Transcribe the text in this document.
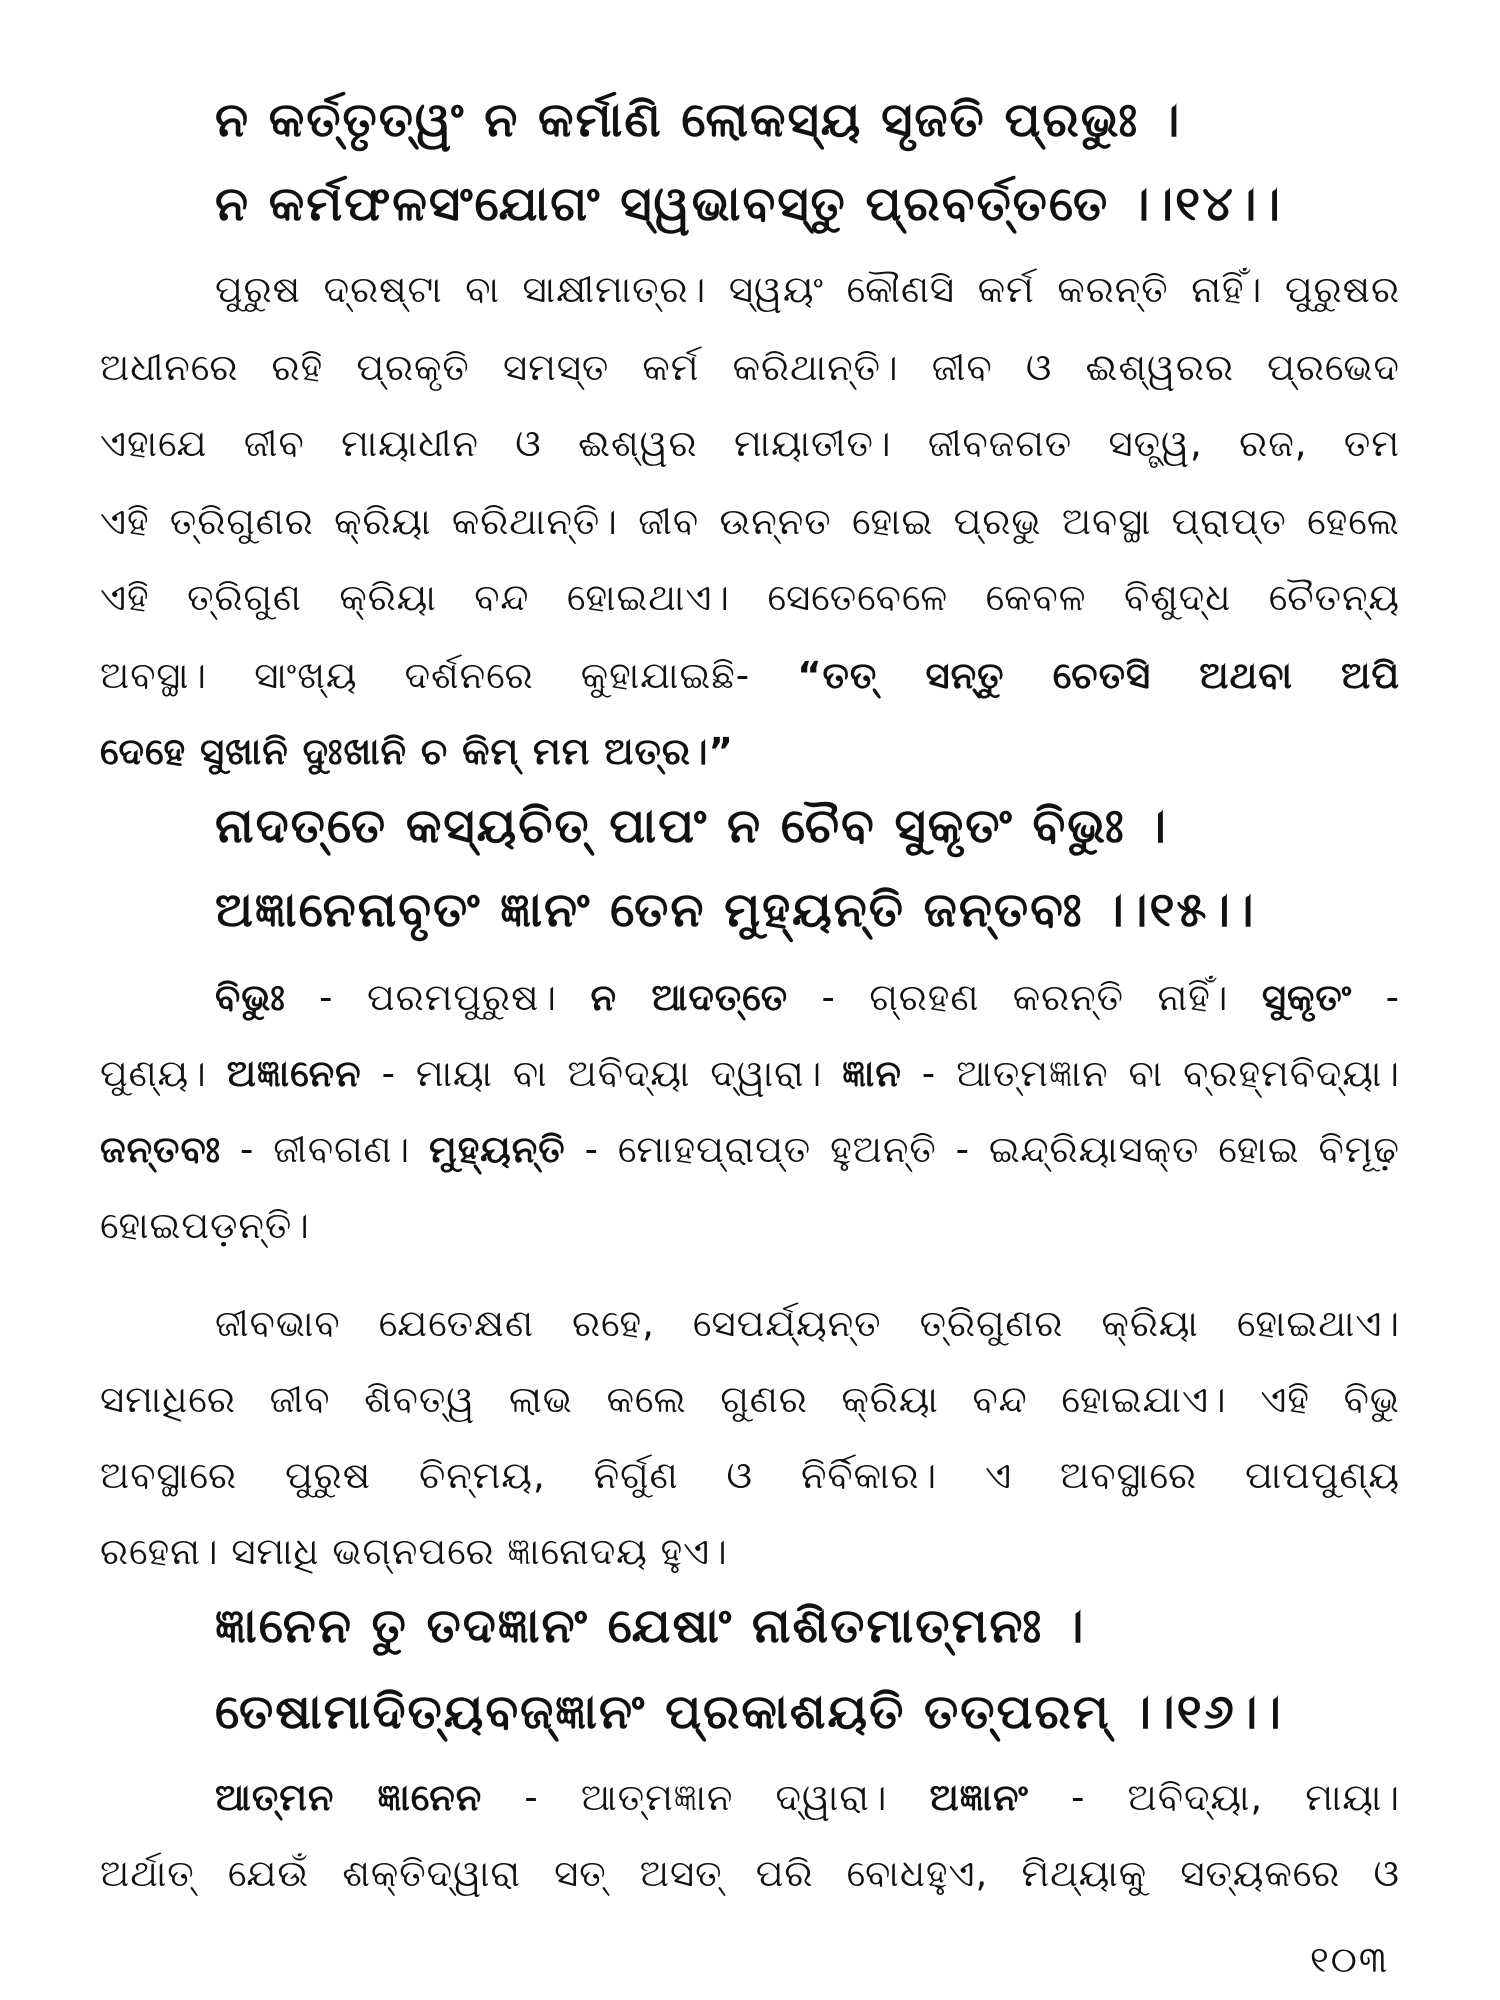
ନ କର୍ତ୍ତୃତ୍ୱଂ ନ କର୍ମାଣି ଲୋକସ୍ୟ ସୃଜତି ପ୍ରଭୁଃ ।
ନ କର୍ମଫଳସଂଯୋଗଂ ସ୍ୱଭାବସ୍ତୁ ପ୍ରବର୍ତ୍ତତେ ।।୧୪।।
ପୁରୁଷ ଦ୍ରଷ୍ଟା ବା ସାକ୍ଷୀମାତ୍ର। ସ୍ୱୟଂ କୌଣସି କର୍ମ କରନ୍ତି ନାହିଁ। ପୁରୁଷର
ଅଧୀନରେ ରହି ପ୍ରକୃତି ସମସ୍ତ କର୍ମ କରିଥାନ୍ତି। ଜୀବ ଓ ଈଶ୍ୱରର ପ୍ରଭେଦ
ଏହାଯେ ଜୀବ ମାୟାଧୀନ ଓ ଈଶ୍ୱର ମାୟାତୀତ। ଜୀବଜଗତ ସତ୍ତ୍ୱ, ରଜ, ତମ
ଏହି ତ୍ରିଗୁଣର କ୍ରିୟା କରିଥାନ୍ତି। ଜୀବ ଉନ୍ନତ ହୋଇ ପ୍ରଭୁ ଅବସ୍ଥା ପ୍ରାପ୍ତ ହେଲେ
ଏହି ତ୍ରିଗୁଣ କ୍ରିୟା ବନ୍ଦ ହୋଇଥାଏ। ସେତେବେଳେ କେବଳ ବିଶୁଦ୍ଧ ଚୈତନ୍ୟ
ଅବସ୍ଥା। ସାଂଖ୍ୟ ଦର୍ଶନରେ କୁହାଯାଇଛି- “ତତ୍ ସନ୍ତୁ ଚେତସି ଅଥବା ଅପି
ଦେହେ ସୁଖାନି ଦୁଃଖାନି ଚ କିମ୍ ମମ ଅତ୍ର।”
ନାଦତ୍ତେ କସ୍ୟଚିତ୍ ପାପଂ ନ ଚୈବ ସୁକୃତଂ ବିଭୁଃ ।
ଅଜ୍ଞାନେନାବୃତଂ ଜ୍ଞାନଂ ତେନ ମୁହ୍ୟନ୍ତି ଜନ୍ତବଃ ।।୧୫।।
ବିଭୁଃ - ପରମପୁରୁଷ। ନ ଆଦତ୍ତେ - ଗ୍ରହଣ କରନ୍ତି ନାହିଁ। ସୁକୃତଂ -
ପୁଣ୍ୟ। ଅଜ୍ଞାନେନ - ମାୟା ବା ଅବିଦ୍ୟା ଦ୍ୱାରା। ଜ୍ଞାନ - ଆତ୍ମଜ୍ଞାନ ବା ବ୍ରହ୍ମବିଦ୍ୟା।
ଜନ୍ତବଃ - ଜୀବଗଣ। ମୁହ୍ୟନ୍ତି - ମୋହପ୍ରାପ୍ତ ହୁଅନ୍ତି - ଇନ୍ଦ୍ରିୟାସକ୍ତ ହୋଇ ବିମୂଢ଼
ହୋଇପଡ଼ନ୍ତି।
ଜୀବଭାବ ଯେତେକ୍ଷଣ ରହେ, ସେପର୍ଯ୍ୟନ୍ତ ତ୍ରିଗୁଣର କ୍ରିୟା ହୋଇଥାଏ।
ସମାଧିରେ ଜୀବ ଶିବତ୍ୱ ଲାଭ କଲେ ଗୁଣର କ୍ରିୟା ବନ୍ଦ ହୋଇଯାଏ। ଏହି ବିଭୁ
ଅବସ୍ଥାରେ ପୁରୁଷ ଚିନ୍ମୟ, ନିର୍ଗୁଣ ଓ ନିର୍ବିକାର। ଏ ଅବସ୍ଥାରେ ପାପପୁଣ୍ୟ
ରହେନା। ସମାଧି ଭଗ୍ନପରେ ଜ୍ଞାନୋଦୟ ହୁଏ।
ଜ୍ଞାନେନ ତୁ ତଦଜ୍ଞାନଂ ଯେଷାଂ ନାଶିତମାତ୍ମନଃ ।
ତେଷାମାଦିତ୍ୟବଜ୍ଜ୍ଞାନଂ ପ୍ରକାଶୟତି ତତ୍ପରମ୍ ।।୧୬।।
ଆତ୍ମନ ଜ୍ଞାନେନ - ଆତ୍ମଜ୍ଞାନ ଦ୍ୱାରା। ଅଜ୍ଞାନଂ - ଅବିଦ୍ୟା, ମାୟା।
ଅର୍ଥାତ୍ ଯେଉଁ ଶକ୍ତିଦ୍ୱାରା ସତ୍ ଅସତ୍ ପରି ବୋଧହୁଏ, ମିଥ୍ୟାକୁ ସତ୍ୟକରେ ଓ
୧୦୩
